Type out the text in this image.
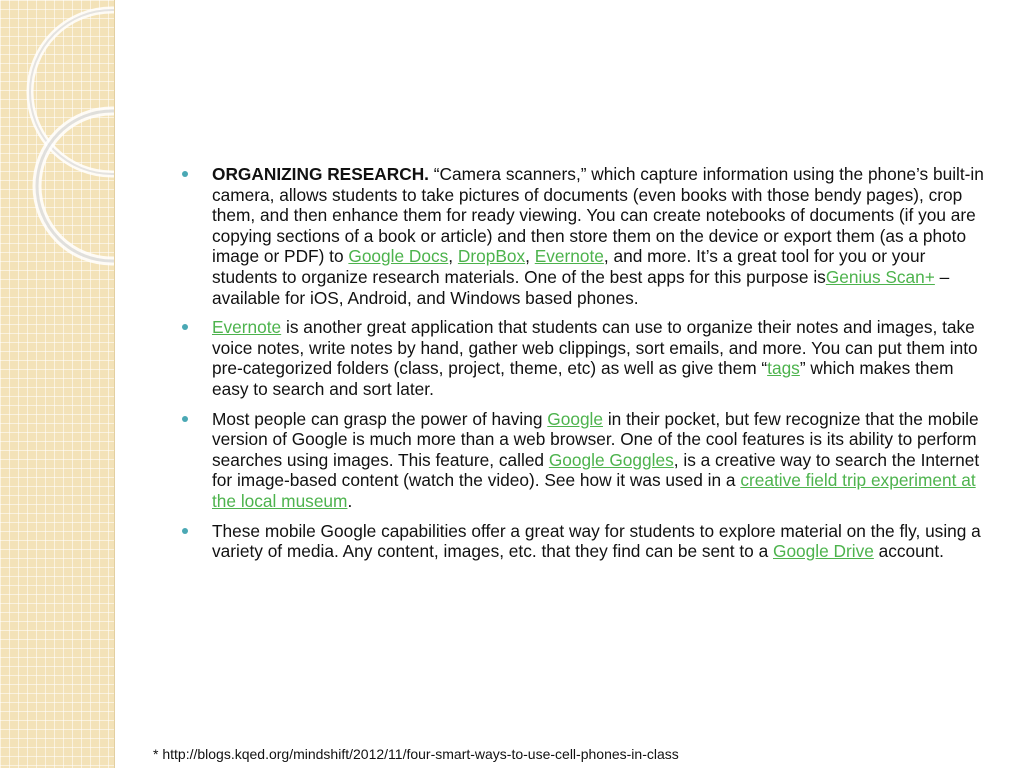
ORGANIZING RESEARCH. “Camera scanners,” which capture information using the phone’s built-in camera, allows students to take pictures of documents (even books with those bendy pages), crop them, and then enhance them for ready viewing. You can create notebooks of documents (if you are copying sections of a book or article) and then store them on the device or export them (as a photo image or PDF) to Google Docs, DropBox, Evernote, and more. It’s a great tool for you or your students to organize research materials. One of the best apps for this purpose isGenius Scan+ – available for iOS, Android, and Windows based phones.
Evernote is another great application that students can use to organize their notes and images, take voice notes, write notes by hand, gather web clippings, sort emails, and more. You can put them into pre-categorized folders (class, project, theme, etc) as well as give them “tags” which makes them easy to search and sort later.
Most people can grasp the power of having Google in their pocket, but few recognize that the mobile version of Google is much more than a web browser. One of the cool features is its ability to perform searches using images. This feature, called Google Goggles, is a creative way to search the Internet for image-based content (watch the video). See how it was used in a creative field trip experiment at the local museum.
These mobile Google capabilities offer a great way for students to explore material on the fly, using a variety of media. Any content, images, etc. that they find can be sent to a Google Drive account.
* http://blogs.kqed.org/mindshift/2012/11/four-smart-ways-to-use-cell-phones-in-class
